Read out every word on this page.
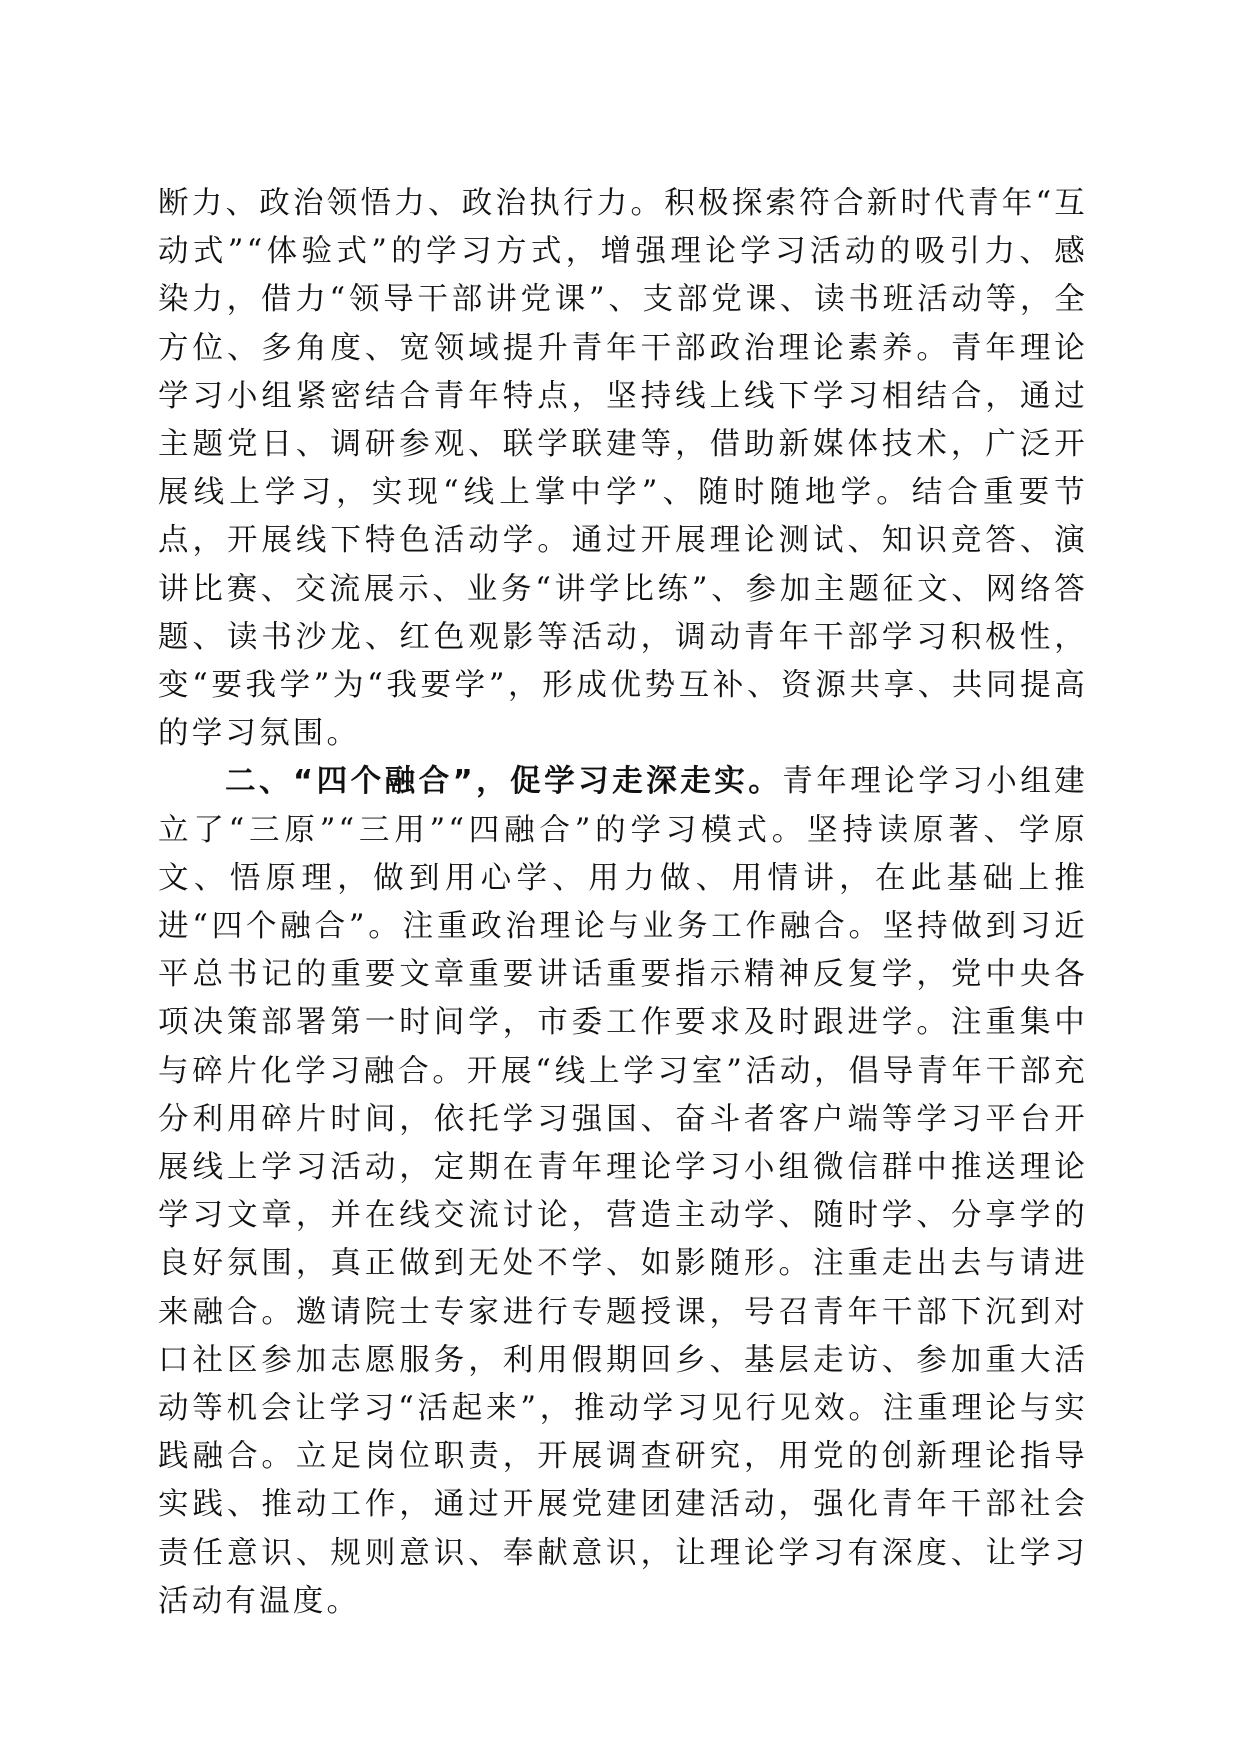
断力、政治领悟力、政治执行力。积极探索符合新时代青年“互动式”“体验式”的学习方式，增强理论学习活动的吸引力、感染力，借力“领导干部讲党课”、支部党课、读书班活动等，全方位、多角度、宽领域提升青年干部政治理论素养。青年理论学习小组紧密结合青年特点，坚持线上线下学习相结合，通过主题党日、调研参观、联学联建等，借助新媒体技术，广泛开展线上学习，实现“线上掌中学”、随时随地学。结合重要节点，开展线下特色活动学。通过开展理论测试、知识竞答、演讲比赛、交流展示、业务“讲学比练”、参加主题征文、网络答题、读书沙龙、红色观影等活动，调动青年干部学习积极性，变“要我学”为“我要学”，形成优势互补、资源共享、共同提高的学习氛围。

二、“四个融合”，促学习走深走实。青年理论学习小组建立了“三原”“三用”“四融合”的学习模式。坚持读原著、学原文、悟原理，做到用心学、用力做、用情讲，在此基础上推进“四个融合”。注重政治理论与业务工作融合。坚持做到习近平总书记的重要文章重要讲话重要指示精神反复学，党中央各项决策部署第一时间学，市委工作要求及时跟进学。注重集中与碎片化学习融合。开展“线上学习室”活动，倡导青年干部充分利用碎片时间，依托学习强国、奋斗者客户端等学习平台开展线上学习活动，定期在青年理论学习小组微信群中推送理论学习文章，并在线交流讨论，营造主动学、随时学、分享学的良好氛围，真正做到无处不学、如影随形。注重走出去与请进来融合。邀请院士专家进行专题授课，号召青年干部下沉到对口社区参加志愿服务，利用假期回乡、基层走访、参加重大活动等机会让学习“活起来”，推动学习见行见效。注重理论与实践融合。立足岗位职责，开展调查研究，用党的创新理论指导实践、推动工作，通过开展党建团建活动，强化青年干部社会责任意识、规则意识、奉献意识，让理论学习有深度、让学习活动有温度。
